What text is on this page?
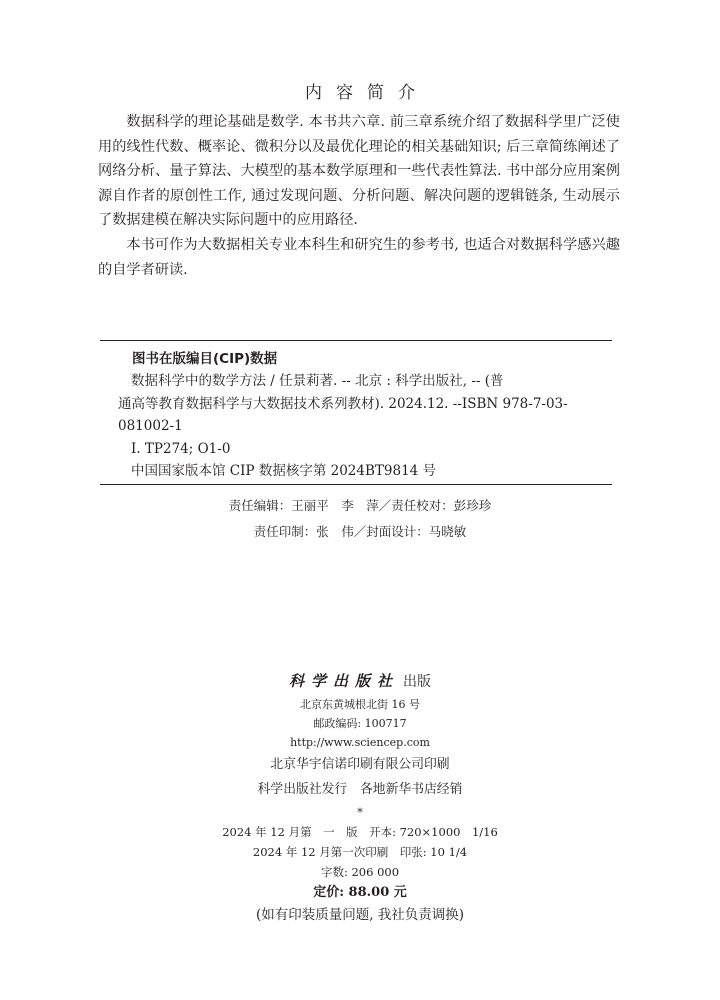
内容简介

数据科学的理论基础是数学. 本书共六章. 前三章系统介绍了数据科学里广泛使用的线性代数、概率论、微积分以及最优化理论的相关基础知识; 后三章简练阐述了网络分析、量子算法、大模型的基本数学原理和一些代表性算法. 书中部分应用案例源自作者的原创性工作, 通过发现问题、分析问题、解决问题的逻辑链条, 生动展示了数据建模在解决实际问题中的应用路径.

本书可作为大数据相关专业本科生和研究生的参考书, 也适合对数据科学感兴趣的自学者研读.

图书在版编目(CIP)数据
数据科学中的数学方法 / 任景莉著. -- 北京 : 科学出版社, -- (普
通高等教育数据科学与大数据技术系列教材). 2024.12. --ISBN 978-7-03-
081002-1
I. TP274; O1-0
中国国家版本馆 CIP 数据核字第 2024BT9814 号
责任编辑：王丽平　李　萍／责任校对：彭珍珍
责任印制：张　伟／封面设计：马晓敏
科学出版社 出版
北京东黄城根北街 16 号
邮政编码: 100717
http://www.sciencep.com
北京华宇信诺印刷有限公司印刷
科学出版社发行　各地新华书店经销
*
2024 年 12 月第　一　版　开本: 720×1000　1/16
2024 年 12 月第一次印刷　印张: 10 1/4
字数: 206 000
定价: 88.00 元
(如有印装质量问题, 我社负责调换)
